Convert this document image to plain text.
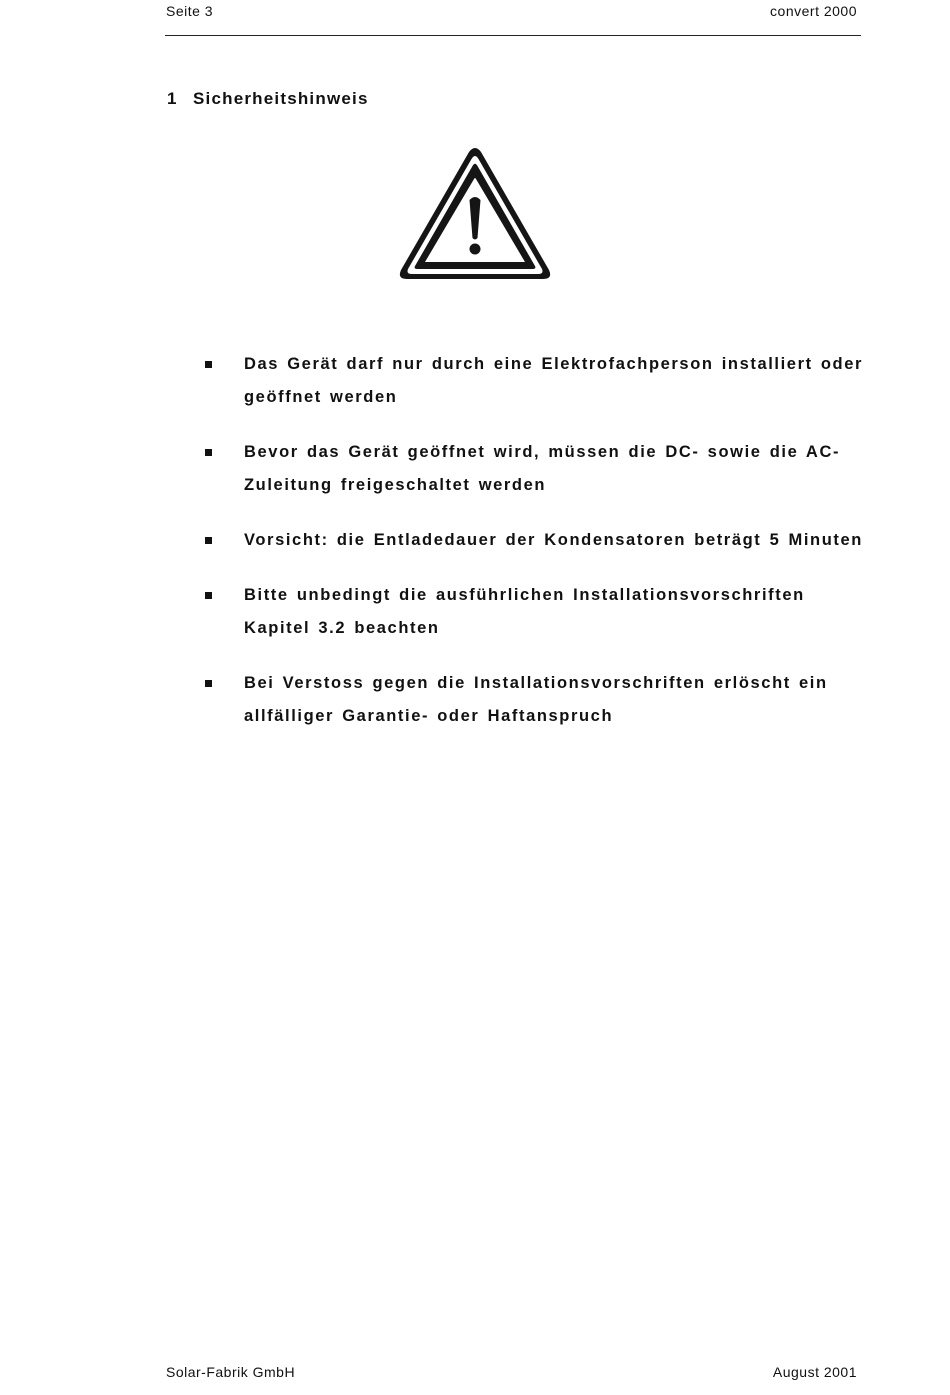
Seite 3	convert 2000
1 Sicherheitshinweis
Das Gerät darf nur durch eine Elektrofachperson installiert oder geöffnet werden
Bevor das Gerät geöffnet wird, müssen die DC- sowie die AC-Zuleitung freigeschaltet werden
Vorsicht: die Entladedauer der Kondensatoren beträgt 5 Minuten
Bitte unbedingt die ausführlichen Installationsvorschriften Kapitel 3.2 beachten
Bei Verstoss gegen die Installationsvorschriften erlöscht ein allfälliger Garantie- oder Haftanspruch
Solar-Fabrik GmbH	August 2001
